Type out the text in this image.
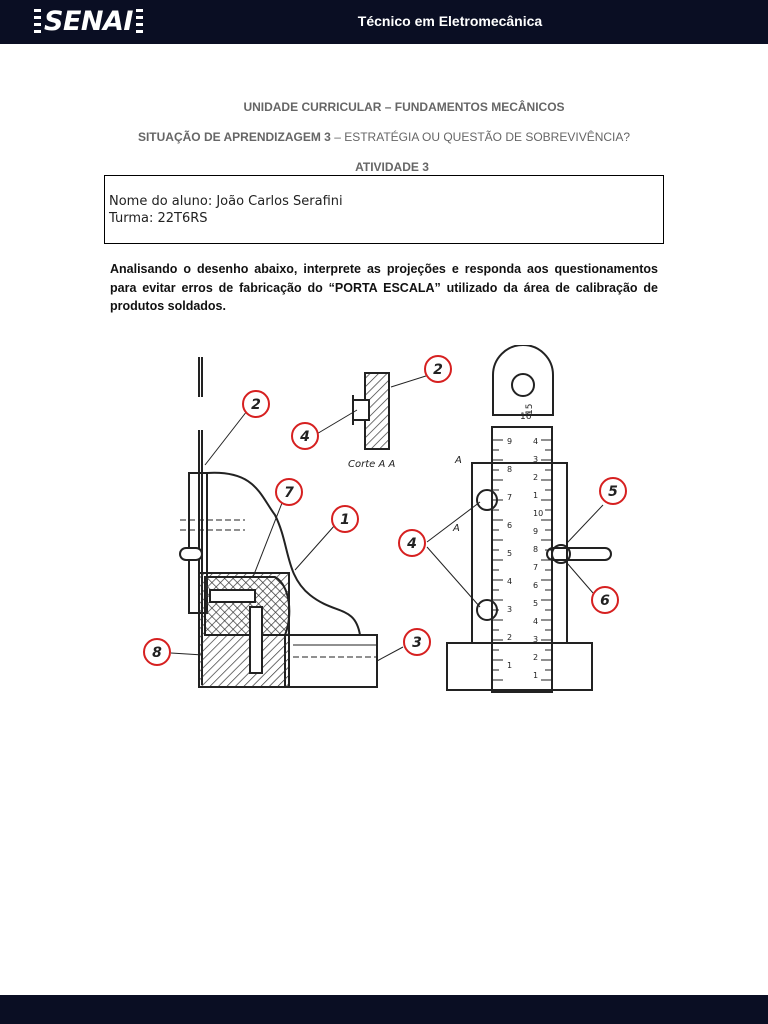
SENAI	Técnico em Eletromecânica
UNIDADE CURRICULAR – FUNDAMENTOS MECÂNICOS
SITUAÇÃO DE APRENDIZAGEM 3 – ESTRATÉGIA OU QUESTÃO DE SOBREVIVÊNCIA?
ATIVIDADE 3
Nome do aluno: João Carlos Serafini
Turma: 22T6RS
Analisando o desenho abaixo, interprete as projeções e responda aos questionamentos para evitar erros de fabricação do “PORTA ESCALA” utilizado da área de calibração de produtos soldados.
Corte A A
9
8
7
6
5
4
3
2
1
4
3
2
1
10
9
8
7
6
5
4
3
2
1
16
15
A
A
2
4
2
7
1
8
3
4
5
6
